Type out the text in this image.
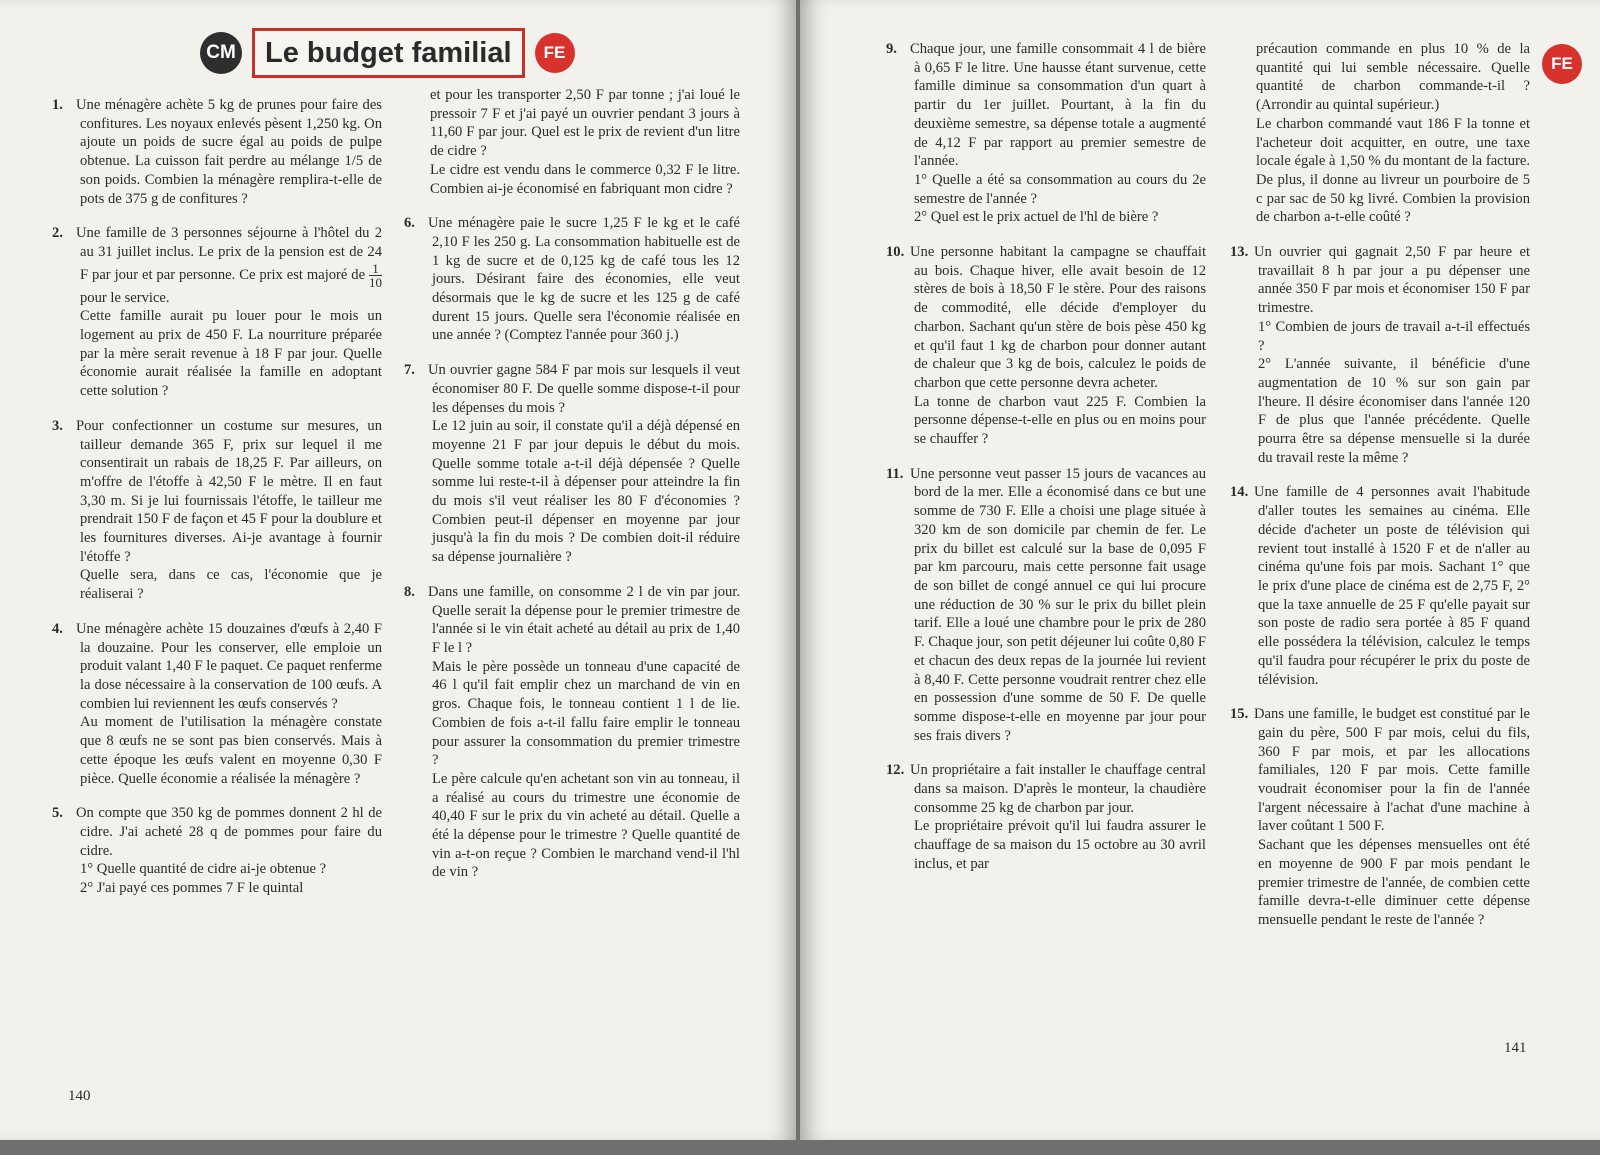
CM Le budget familial	FE

1. Une ménagère achète 5 kg de prunes pour faire des confitures. Les noyaux enlevés pèsent 1,250 kg. On ajoute un poids de sucre égal au poids de pulpe obtenue. La cuisson fait perdre au mélange 1/5 de son poids. Combien la ménagère remplira-t-elle de pots de 375 g de confitures ?

2. Une famille de 3 personnes séjourne à l'hôtel du 2 au 31 juillet inclus. Le prix de la pension est de 24 F par jour et par personne. Ce prix est majoré de $\frac{1}{10}$
pour le service.

Cette famille aurait pu louer pour le mois un logement au prix de 450 F. La nourriture préparée par la mère serait revenue à 18 F par jour. Quelle économie aurait réalisée la famille en adoptant cette solution ?

3. Pour confectionner un costume sur mesures, un tailleur demande 365 F, prix sur lequel il me consentirait un rabais de 18,25 F. Par ailleurs, on m'offre de l'étoffe à 42,50 F le mètre. Il en faut 3,30 m. Si je lui fournissais l'étoffe, le tailleur me prendrait 150 F de façon et 45 F pour la doublure et les fournitures diverses. Ai-je avantage à fournir l'étoffe ?

Quelle sera, dans ce cas, l'économie que je réaliserai ?

4. Une ménagère achète 15 douzaines d'œufs à 2,40 F la douzaine. Pour les conserver, elle emploie un produit valant 1,40 F le paquet. Ce paquet renferme la dose nécessaire à la conservation de 100 œufs. A combien lui reviennent les œufs conservés ?

Au moment de l'utilisation la ménagère constate que 8 œufs ne se sont pas bien conservés. Mais à cette époque les œufs valent en moyenne 0,30 F pièce. Quelle économie a réalisée la ménagère ?

5. On compte que 350 kg de pommes donnent 2 hl de cidre. J'ai acheté 28 q de pommes pour faire du cidre.

1° Quelle quantité de cidre ai-je obtenue ?

2° J'ai payé ces pommes 7 F le quintal

et pour les transporter 2,50 F par tonne ; j'ai loué le pressoir 7 F et j'ai payé un ouvrier pendant 3 jours à 11,60 F par jour. Quel est le prix de revient d'un litre de cidre ?

Le cidre est vendu dans le commerce 0,32 F le litre. Combien ai-je économisé en fabriquant mon cidre ?

6. Une ménagère paie le sucre 1,25 F le kg et le café 2,10 F les 250 g. La consommation habituelle est de 1 kg de sucre et de 0,125 kg de café tous les 12 jours. Désirant faire des économies, elle veut désormais que le kg de sucre et les 125 g de café durent 15 jours. Quelle sera l'économie réalisée en une année ? (Comptez l'année pour 360 j.)

7. Un ouvrier gagne 584 F par mois sur lesquels il veut économiser 80 F. De quelle somme dispose-t-il pour les dépenses du mois ?

Le 12 juin au soir, il constate qu'il a déjà dépensé en moyenne 21 F par jour depuis le début du mois. Quelle somme totale a-t-il déjà dépensée ? Quelle somme lui reste-t-il à dépenser pour atteindre la fin du mois s'il veut réaliser les 80 F d'économies ? Combien peut-il dépenser en moyenne par jour jusqu'à la fin du mois ? De combien doit-il réduire sa dépense journalière ?

8. Dans une famille, on consomme 2 l de vin par jour. Quelle serait la dépense pour le premier trimestre de l'année si le vin était acheté au détail au prix de 1,40 F le l ?

Mais le père possède un tonneau d'une capacité de 46 l qu'il fait emplir chez un marchand de vin en gros. Chaque fois, le tonneau contient 1 l de lie. Combien de fois a-t-il fallu faire emplir le tonneau pour assurer la consommation du premier trimestre ?

Le père calcule qu'en achetant son vin au tonneau, il a réalisé au cours du trimestre une économie de 40,40 F sur le prix du vin acheté au détail. Quelle a été la dépense pour le trimestre ? Quelle quantité de vin a-t-on reçue ? Combien le marchand vend-il l'hl de vin ?

140
FE

9. Chaque jour, une famille consommait 4 l de bière à 0,65 F le litre. Une hausse étant survenue, cette famille diminue sa consommation d'un quart à partir du 1er juillet. Pourtant, à la fin du deuxième semestre, sa dépense totale a augmenté de 4,12 F par rapport au premier semestre de l'année.

1° Quelle a été sa consommation au cours du 2e semestre de l'année ?

2° Quel est le prix actuel de l'hl de bière ?

10. Une personne habitant la campagne se chauffait au bois. Chaque hiver, elle avait besoin de 12 stères de bois à 18,50 F le stère. Pour des raisons de commodité, elle décide d'employer du charbon. Sachant qu'un stère de bois pèse 450 kg et qu'il faut 1 kg de charbon pour donner autant de chaleur que 3 kg de bois, calculez le poids de charbon que cette personne devra acheter.

La tonne de charbon vaut 225 F. Combien la personne dépense-t-elle en plus ou en moins pour se chauffer ?

11. Une personne veut passer 15 jours de vacances au bord de la mer. Elle a économisé dans ce but une somme de 730 F. Elle a choisi une plage située à 320 km de son domicile par chemin de fer. Le prix du billet est calculé sur la base de 0,095 F par km parcouru, mais cette personne fait usage de son billet de congé annuel ce qui lui procure une réduction de 30 % sur le prix du billet plein tarif. Elle a loué une chambre pour le prix de 280 F. Chaque jour, son petit déjeuner lui coûte 0,80 F et chacun des deux repas de la journée lui revient à 8,40 F. Cette personne voudrait rentrer chez elle en possession d'une somme de 50 F. De quelle somme dispose-t-elle en moyenne par jour pour ses frais divers ?

12. Un propriétaire a fait installer le chauffage central dans sa maison. D'après le monteur, la chaudière consomme 25 kg de charbon par jour.

Le propriétaire prévoit qu'il lui faudra assurer le chauffage de sa maison du 15 octobre au 30 avril inclus, et par

précaution commande en plus 10 % de la quantité qui lui semble nécessaire. Quelle quantité de charbon commande-t-il ? (Arrondir au quintal supérieur.)

Le charbon commandé vaut 186 F la tonne et l'acheteur doit acquitter, en outre, une taxe locale égale à 1,50 % du montant de la facture. De plus, il donne au livreur un pourboire de 5 c par sac de 50 kg livré. Combien la provision de charbon a-t-elle coûté ?

13. Un ouvrier qui gagnait 2,50 F par heure et travaillait 8 h par jour a pu dépenser une année 350 F par mois et économiser 150 F par trimestre.

1° Combien de jours de travail a-t-il effectués ?

2° L'année suivante, il bénéficie d'une augmentation de 10 % sur son gain par l'heure. Il désire économiser dans l'année 120 F de plus que l'année précédente. Quelle pourra être sa dépense mensuelle si la durée du travail reste la même ?

14. Une famille de 4 personnes avait l'habitude d'aller toutes les semaines au cinéma. Elle décide d'acheter un poste de télévision qui revient tout installé à 1520 F et de n'aller au cinéma qu'une fois par mois. Sachant 1° que le prix d'une place de cinéma est de 2,75 F, 2° que la taxe annuelle de 25 F qu'elle payait sur son poste de radio sera portée à 85 F quand elle possédera la télévision, calculez le temps qu'il faudra pour récupérer le prix du poste de télévision.

15. Dans une famille, le budget est constitué par le gain du père, 500 F par mois, celui du fils, 360 F par mois, et par les allocations familiales, 120 F par mois. Cette famille voudrait économiser pour la fin de l'année l'argent nécessaire à l'achat d'une machine à laver coûtant 1 500 F.

Sachant que les dépenses mensuelles ont été en moyenne de 900 F par mois pendant le premier trimestre de l'année, de combien cette famille devra-t-elle diminuer cette dépense mensuelle pendant le reste de l'année ?

141
